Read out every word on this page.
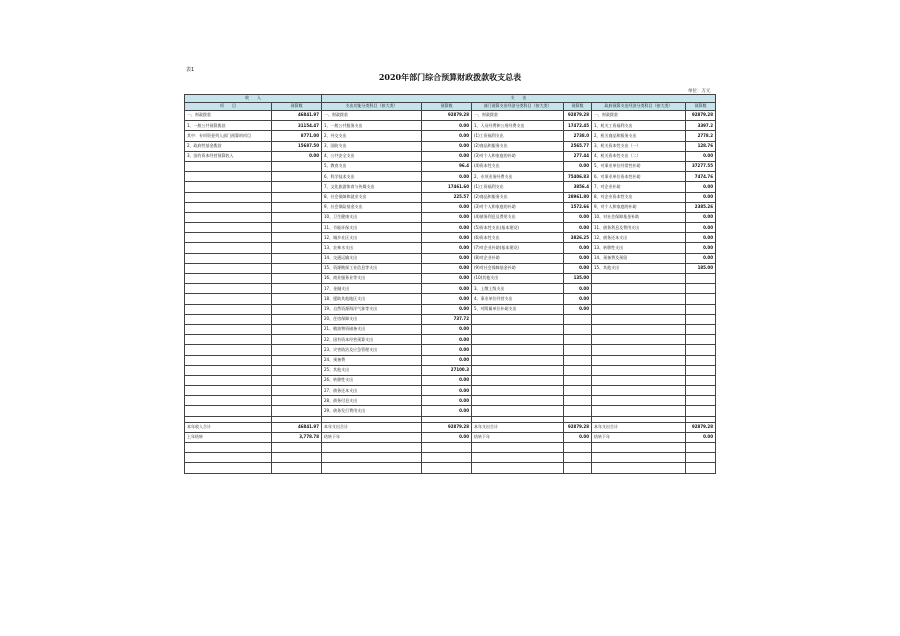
表1
2020年部门综合预算财政拨款收支总表
单位：万元
收　　入		支　　出					
项　　目	预算数	支出功能分类科目（按大类）	预算数	部门预算支出经济分类科目（按大类）	预算数	政府预算支出经济分类科目（按大类）	预算数
一、财政拨款	46841.97	一、财政拨款	92879.28	一、财政拨款	92879.28	一、财政拨款	92879.28
1、一般公共预算拨款	31154.47	1、一般公共服务支出	0.00	1、人员经费和公用经费支出	17472.45	1、机关工资福利支出	3397.2
其中：专项资金列入部门预算的项目	8771.00	2、外交支出	0.00	(1)工资福利支出	2738.0	2、机关商品和服务支出	2778.2
2、政府性基金拨款	15687.50	3、国防支出	0.00	(2)商品和服务支出	2565.77	3、机关资本性支出（一）	128.76
3、国有资本经营预算收入	0.00	4、公共安全支出	0.00	(3)对个人和家庭的补助	277.44	4、机关资本性支出（二）	0.00
		5、教育支出	96.4	(4)资本性支出	0.00	5、对事业单位经常性补助	37277.55
		6、科学技术支出	0.00	2、专项业务经费支出	75406.83	6、对事业单位资本性补助	7474.76
		7、文化旅游体育与传媒支出	17461.60	(1)工资福利支出	3856.4	7、对企业补助	0.00
		8、社会保障和就业支出	225.57	(2)商品和服务支出	28961.80	8、对企业资本性支出	0.00
		9、社会保险基金支出	0.00	(3)对个人和家庭的补助	1572.66	9、对个人和家庭的补助	2385.26
		10、卫生健康支出	0.00	(4)债务利息及费用支出	0.00	10、对社会保障基金补助	0.00
		11、节能环保支出	0.00	(5)资本性支出(基本建设)	0.00	11、债务利息及费用支出	0.00
		12、城乡社区支出	0.00	(6)资本性支出	3826.25	12、债务还本支出	0.00
		13、农林水支出	0.00	(7)对企业补助(基本建设)	0.00	13、转移性支出	0.00
		14、交通运输支出	0.00	(8)对企业补助	0.00	14、预备费及预留	0.00
		15、资源勘探工业信息等支出	0.00	(9)对社会保障基金补助	0.00	15、其他支出	185.00
		16、商业服务业等支出	0.00	(10)其他支出	135.00		
		17、金融支出	0.00	3、上缴上级支出	0.00		
		18、援助其他地区支出	0.00	4、事业单位经营支出	0.00		
		19、自然资源海洋气象等支出	0.00	5、对附属单位补助支出	0.00		
		20、住房保障支出	737.72				
		21、粮油物资储备支出	0.00				
		22、国有资本经营预算支出	0.00				
		23、灾害防治及应急管理支出	0.00				
		24、预备费	0.00				
		25、其他支出	27100.3				
		26、转移性支出	0.00				
		27、债务还本支出	0.00				
		28、债务付息支出	0.00				
		29、债务发行费用支出	0.00				

本年收入合计	46841.97	本年支出合计	92879.28	本年支出合计	92879.28	本年支出合计	92879.28
上年结转	3,778.78	结转下年	0.00	结转下年	0.00	结转下年	0.00
